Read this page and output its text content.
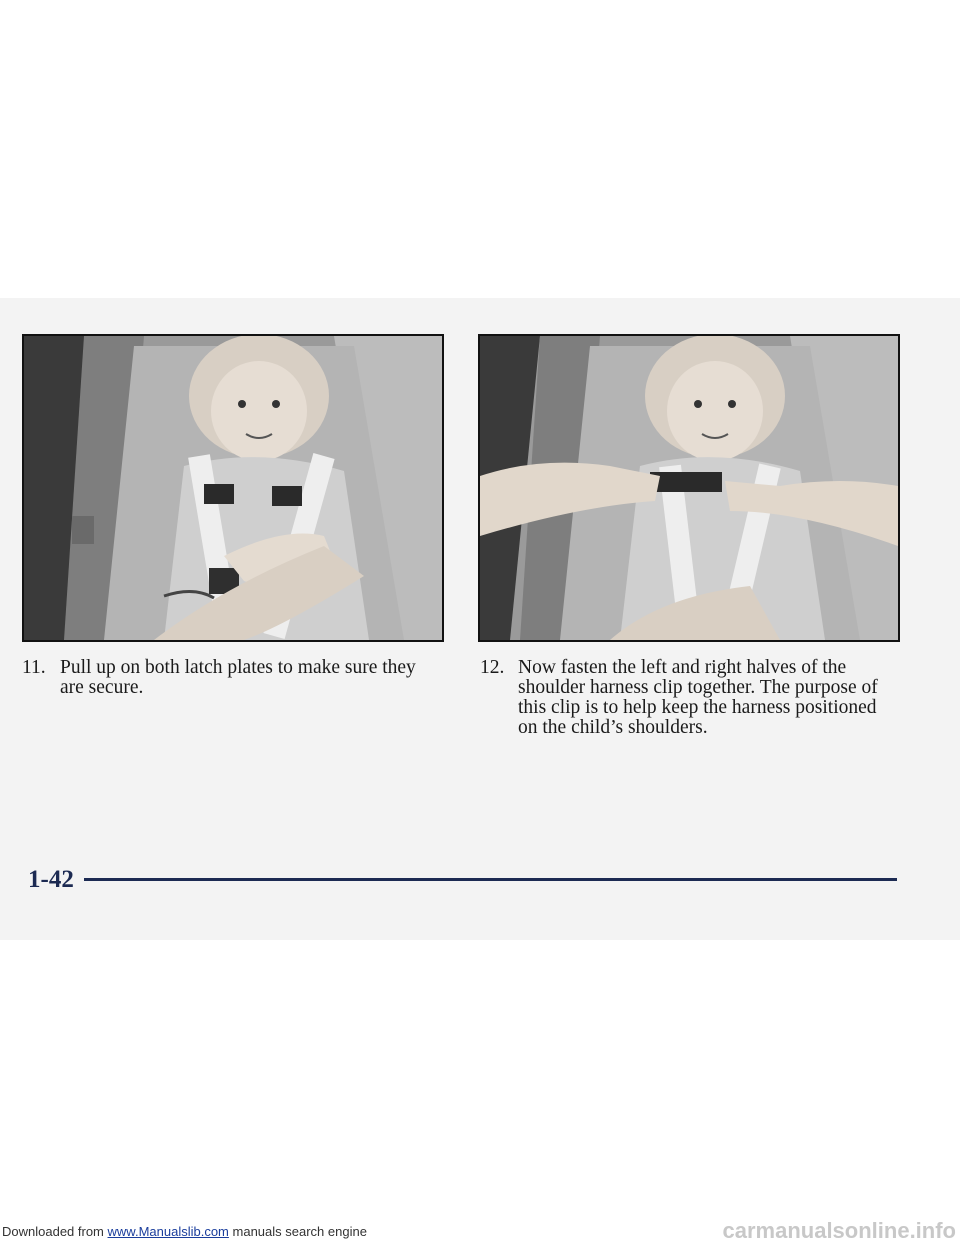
11. Pull up on both latch plates to make sure they are secure.
12. Now fasten the left and right halves of the shoulder harness clip together. The purpose of this clip is to help keep the harness positioned on the child’s shoulders.
1-42
Downloaded from www.Manualslib.com manuals search engine	carmanualsonline.info
